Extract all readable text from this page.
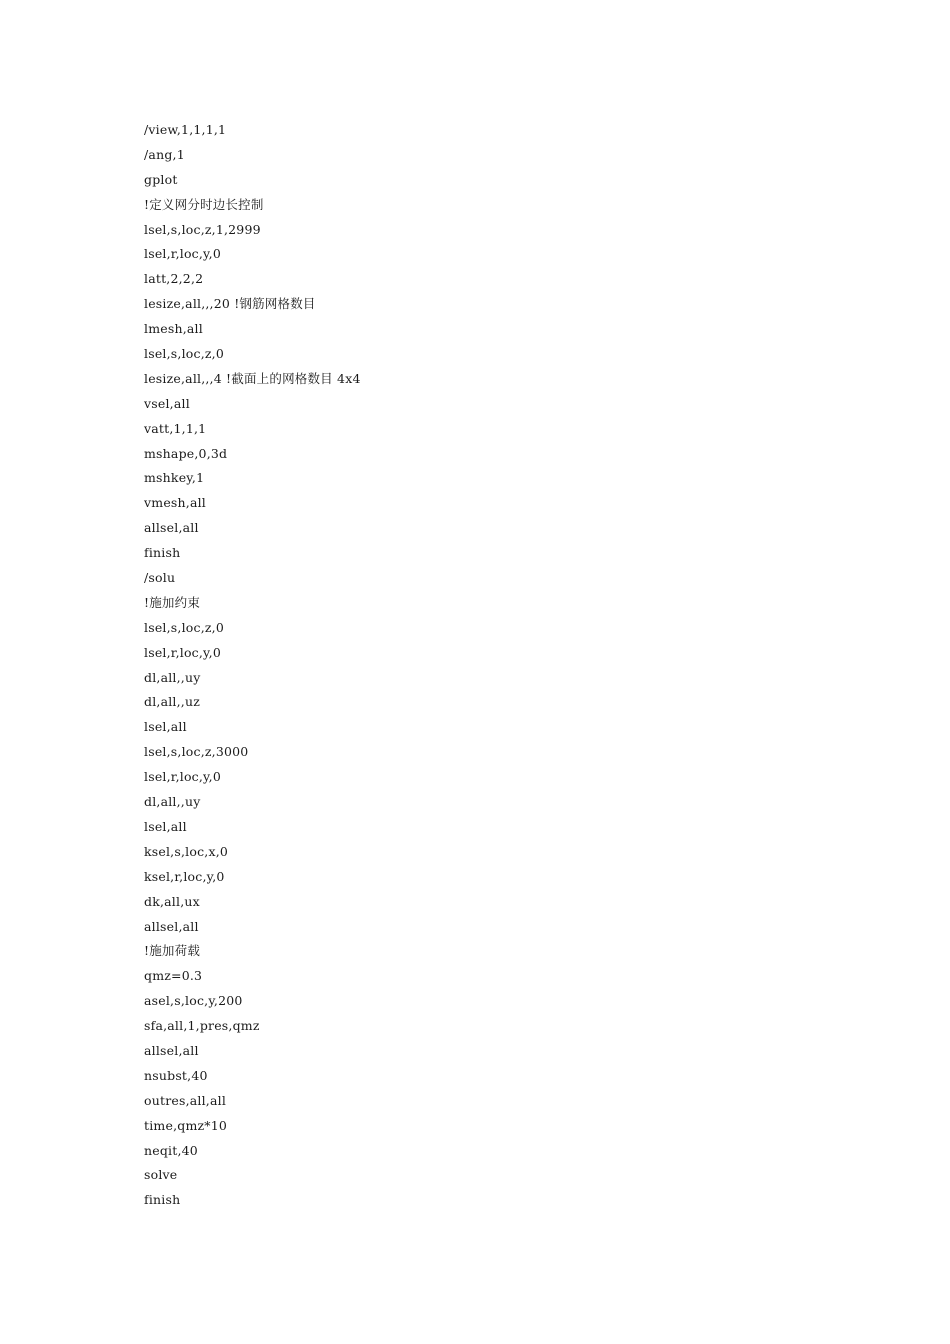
/view,1,1,1,1
/ang,1
gplot
!定义网分时边长控制
lsel,s,loc,z,1,2999
lsel,r,loc,y,0
latt,2,2,2
lesize,all,,,20 !钢筋网格数目
lmesh,all
lsel,s,loc,z,0
lesize,all,,,4 !截面上的网格数目 4x4
vsel,all
vatt,1,1,1
mshape,0,3d
mshkey,1
vmesh,all
allsel,all
finish
/solu
!施加约束
lsel,s,loc,z,0
lsel,r,loc,y,0
dl,all,,uy
dl,all,,uz
lsel,all
lsel,s,loc,z,3000
lsel,r,loc,y,0
dl,all,,uy
lsel,all
ksel,s,loc,x,0
ksel,r,loc,y,0
dk,all,ux
allsel,all
!施加荷载
qmz=0.3
asel,s,loc,y,200
sfa,all,1,pres,qmz
allsel,all
nsubst,40
outres,all,all
time,qmz*10
neqit,40
solve
finish
